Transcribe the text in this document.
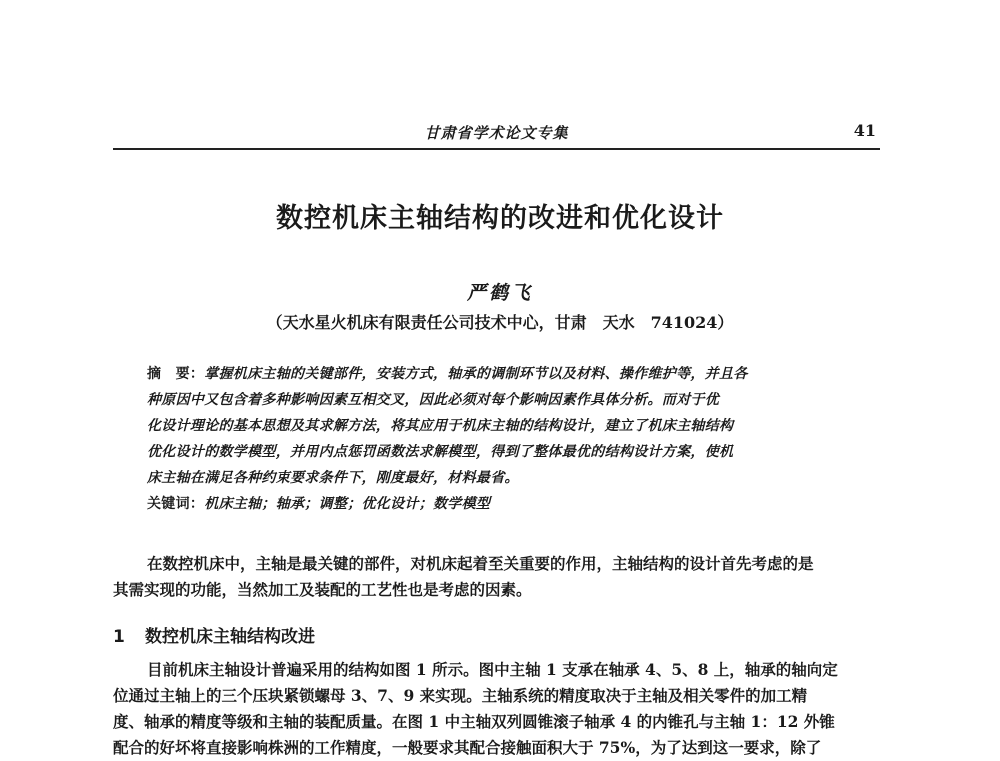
甘肃省学术论文专集	41
数控机床主轴结构的改进和优化设计
严鹤飞
（天水星火机床有限责任公司技术中心，甘肃　天水　741024）
摘　要：掌握机床主轴的关键部件，安装方式，轴承的调制环节以及材料、操作维护等，并且各
种原因中又包含着多种影响因素互相交叉，因此必须对每个影响因素作具体分析。而对于优
化设计理论的基本思想及其求解方法，将其应用于机床主轴的结构设计，建立了机床主轴结构
优化设计的数学模型，并用内点惩罚函数法求解模型，得到了整体最优的结构设计方案，使机
床主轴在满足各种约束要求条件下，刚度最好，材料最省。
关键词：机床主轴；轴承；调整；优化设计；数学模型
在数控机床中，主轴是最关键的部件，对机床起着至关重要的作用，主轴结构的设计首先考虑的是
其需实现的功能，当然加工及装配的工艺性也是考虑的因素。
1 数控机床主轴结构改进
目前机床主轴设计普遍采用的结构如图 1 所示。图中主轴 1 支承在轴承 4、5、8 上，轴承的轴向定
位通过主轴上的三个压块紧锁螺母 3、7、9 来实现。主轴系统的精度取决于主轴及相关零件的加工精
度、轴承的精度等级和主轴的装配质量。在图 1 中主轴双列圆锥滚子轴承 4 的内锥孔与主轴 1：12 外锥
配合的好坏将直接影响株洲的工作精度，一般要求其配合接触面积大于 75%，为了达到这一要求，除了
